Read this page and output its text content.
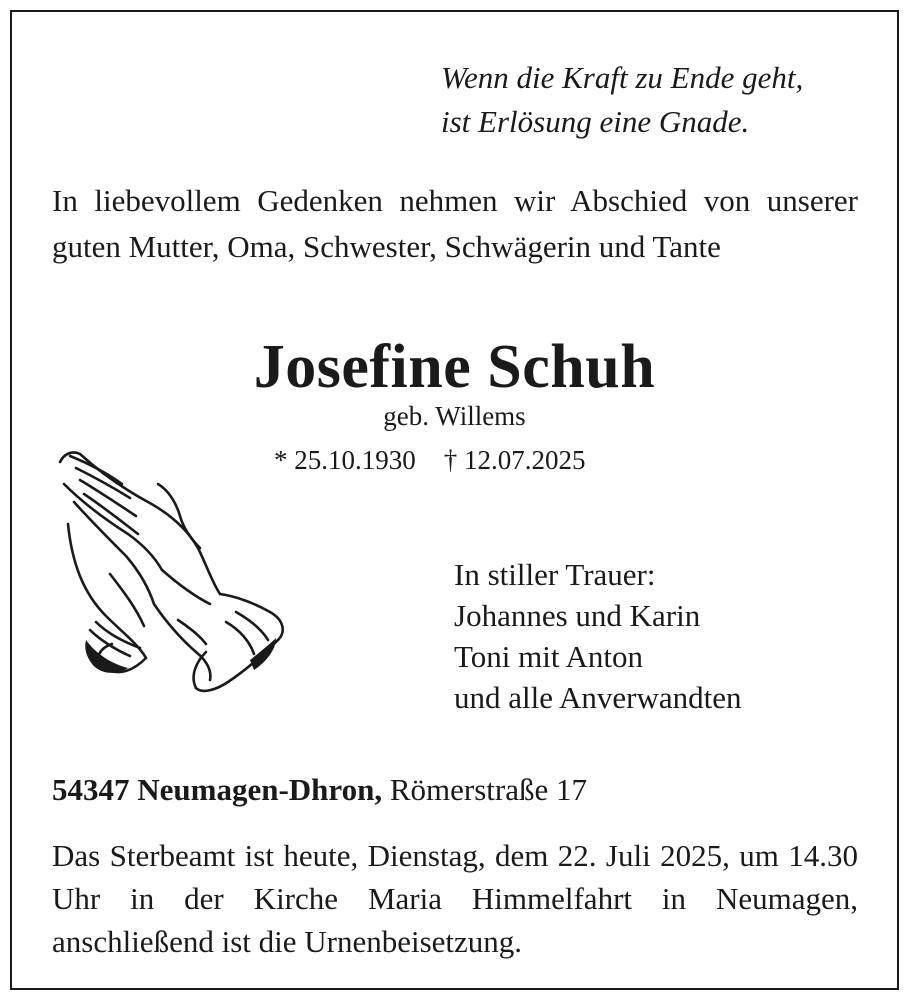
Wenn die Kraft zu Ende geht,
ist Erlösung eine Gnade.
In liebevollem Gedenken nehmen wir Abschied von unserer guten Mutter, Oma, Schwester, Schwägerin und Tante
Josefine Schuh
geb. Willems
* 25.10.1930 † 12.07.2025
In stiller Trauer:
Johannes und Karin
Toni mit Anton
und alle Anverwandten
54347 Neumagen-Dhron, Römerstraße 17
Das Sterbeamt ist heute, Dienstag, dem 22. Juli 2025, um 14.30 Uhr in der Kirche Maria Himmelfahrt in Neumagen, anschließend ist die Urnenbeisetzung.
